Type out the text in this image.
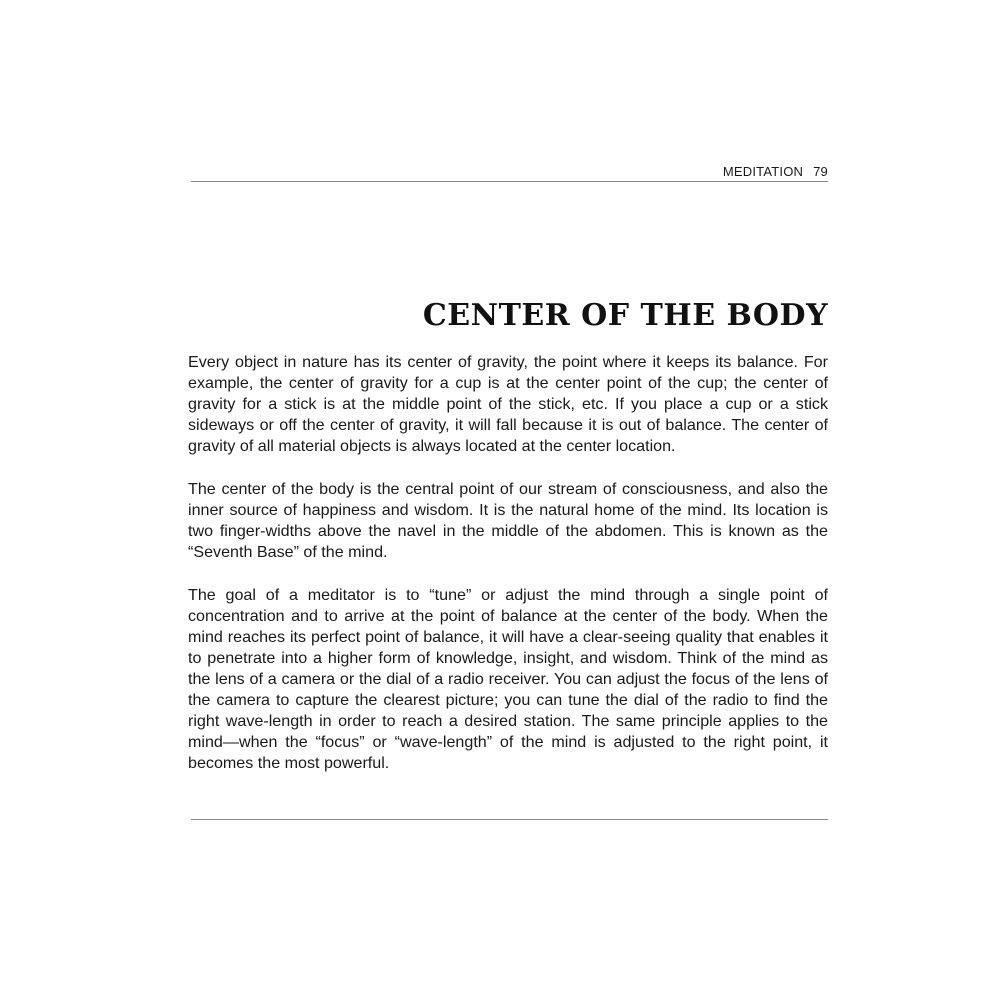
MEDITATION 79
CENTER OF THE BODY

Every object in nature has its center of gravity, the point where it keeps its balance. For example, the center of gravity for a cup is at the center point of the cup; the center of gravity for a stick is at the middle point of the stick, etc. If you place a cup or a stick sideways or off the center of gravity, it will fall because it is out of balance. The center of gravity of all material objects is always located at the center location.

The center of the body is the central point of our stream of consciousness, and also the inner source of happiness and wisdom. It is the natural home of the mind. Its location is two finger-widths above the navel in the middle of the abdomen. This is known as the “Seventh Base” of the mind.

The goal of a meditator is to “tune” or adjust the mind through a single point of concentration and to arrive at the point of balance at the center of the body. When the mind reaches its perfect point of balance, it will have a clear-seeing quality that enables it to penetrate into a higher form of knowledge, insight, and wisdom. Think of the mind as the lens of a camera or the dial of a radio receiver. You can adjust the focus of the lens of the camera to capture the clearest picture; you can tune the dial of the radio to find the right wave-length in order to reach a desired station. The same principle applies to the mind—when the “focus” or “wave-length” of the mind is adjusted to the right point, it becomes the most powerful.
